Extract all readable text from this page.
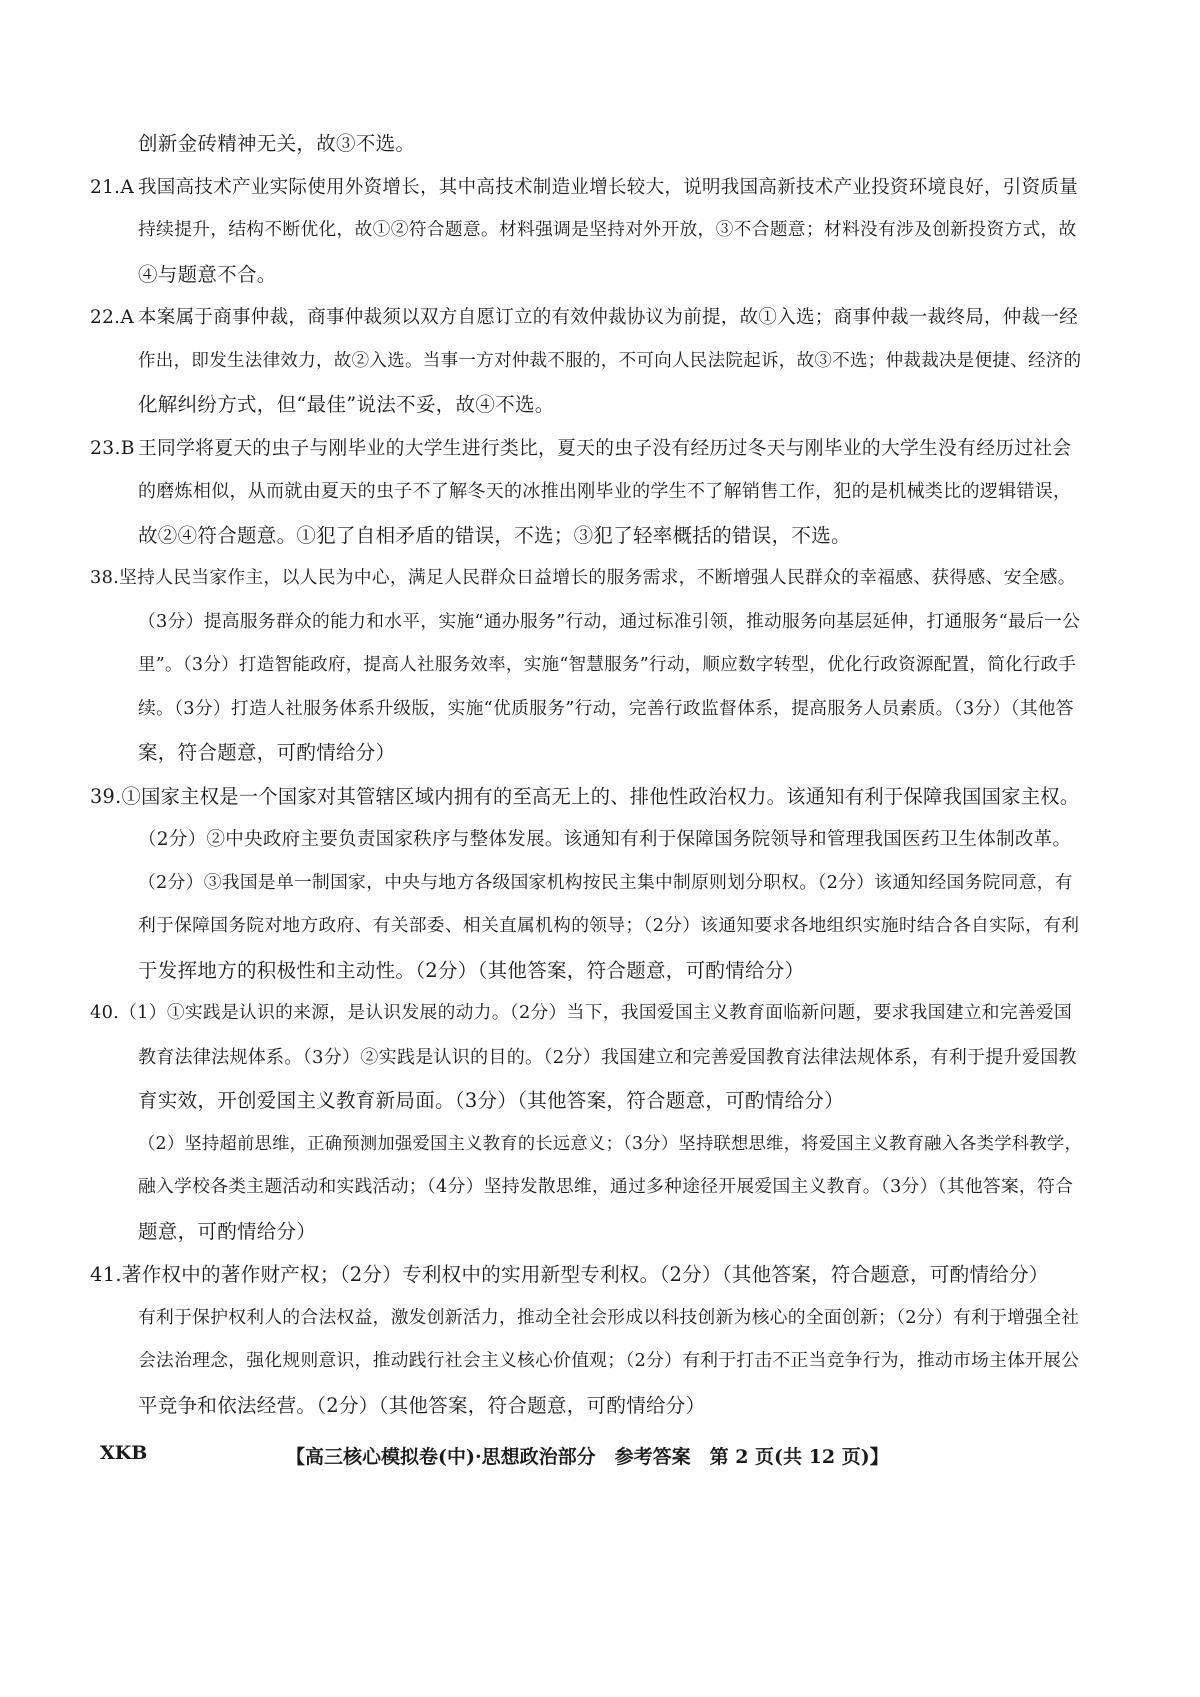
创新金砖精神无关，故③不选。
21.A 我国高技术产业实际使用外资增长，其中高技术制造业增长较大，说明我国高新技术产业投资环境良好，引资质量
持续提升，结构不断优化，故①②符合题意。材料强调是坚持对外开放，③不合题意；材料没有涉及创新投资方式，故
④与题意不合。
22.A 本案属于商事仲裁，商事仲裁须以双方自愿订立的有效仲裁协议为前提，故①入选；商事仲裁一裁终局，仲裁一经
作出，即发生法律效力，故②入选。当事一方对仲裁不服的，不可向人民法院起诉，故③不选；仲裁裁决是便捷、经济的
化解纠纷方式，但“最佳”说法不妥，故④不选。
23.B 王同学将夏天的虫子与刚毕业的大学生进行类比，夏天的虫子没有经历过冬天与刚毕业的大学生没有经历过社会
的磨炼相似，从而就由夏天的虫子不了解冬天的冰推出刚毕业的学生不了解销售工作，犯的是机械类比的逻辑错误，
故②④符合题意。①犯了自相矛盾的错误，不选；③犯了轻率概括的错误，不选。
38.坚持人民当家作主，以人民为中心，满足人民群众日益增长的服务需求，不断增强人民群众的幸福感、获得感、安全感。
（3分）提高服务群众的能力和水平，实施“通办服务”行动，通过标准引领，推动服务向基层延伸，打通服务“最后一公
里”。（3分）打造智能政府，提高人社服务效率，实施“智慧服务”行动，顺应数字转型，优化行政资源配置，简化行政手
续。（3分）打造人社服务体系升级版，实施“优质服务”行动，完善行政监督体系，提高服务人员素质。（3分）（其他答
案，符合题意，可酌情给分）
39.①国家主权是一个国家对其管辖区域内拥有的至高无上的、排他性政治权力。该通知有利于保障我国国家主权。
（2分）②中央政府主要负责国家秩序与整体发展。该通知有利于保障国务院领导和管理我国医药卫生体制改革。
（2分）③我国是单一制国家，中央与地方各级国家机构按民主集中制原则划分职权。（2分）该通知经国务院同意，有
利于保障国务院对地方政府、有关部委、相关直属机构的领导；（2分）该通知要求各地组织实施时结合各自实际，有利
于发挥地方的积极性和主动性。（2分）（其他答案，符合题意，可酌情给分）
40.（1）①实践是认识的来源，是认识发展的动力。（2分）当下，我国爱国主义教育面临新问题，要求我国建立和完善爱国
教育法律法规体系。（3分）②实践是认识的目的。（2分）我国建立和完善爱国教育法律法规体系，有利于提升爱国教
育实效，开创爱国主义教育新局面。（3分）（其他答案，符合题意，可酌情给分）
（2）坚持超前思维，正确预测加强爱国主义教育的长远意义；（3分）坚持联想思维，将爱国主义教育融入各类学科教学，
融入学校各类主题活动和实践活动；（4分）坚持发散思维，通过多种途径开展爱国主义教育。（3分）（其他答案，符合
题意，可酌情给分）
41.著作权中的著作财产权；（2分）专利权中的实用新型专利权。（2分）（其他答案，符合题意，可酌情给分）
有利于保护权利人的合法权益，激发创新活力，推动全社会形成以科技创新为核心的全面创新；（2分）有利于增强全社
会法治理念，强化规则意识，推动践行社会主义核心价值观；（2分）有利于打击不正当竞争行为，推动市场主体开展公
平竞争和依法经营。（2分）（其他答案，符合题意，可酌情给分）
XKB	【高三核心模拟卷(中)·思想政治部分　参考答案　第 2 页(共 12 页)】
